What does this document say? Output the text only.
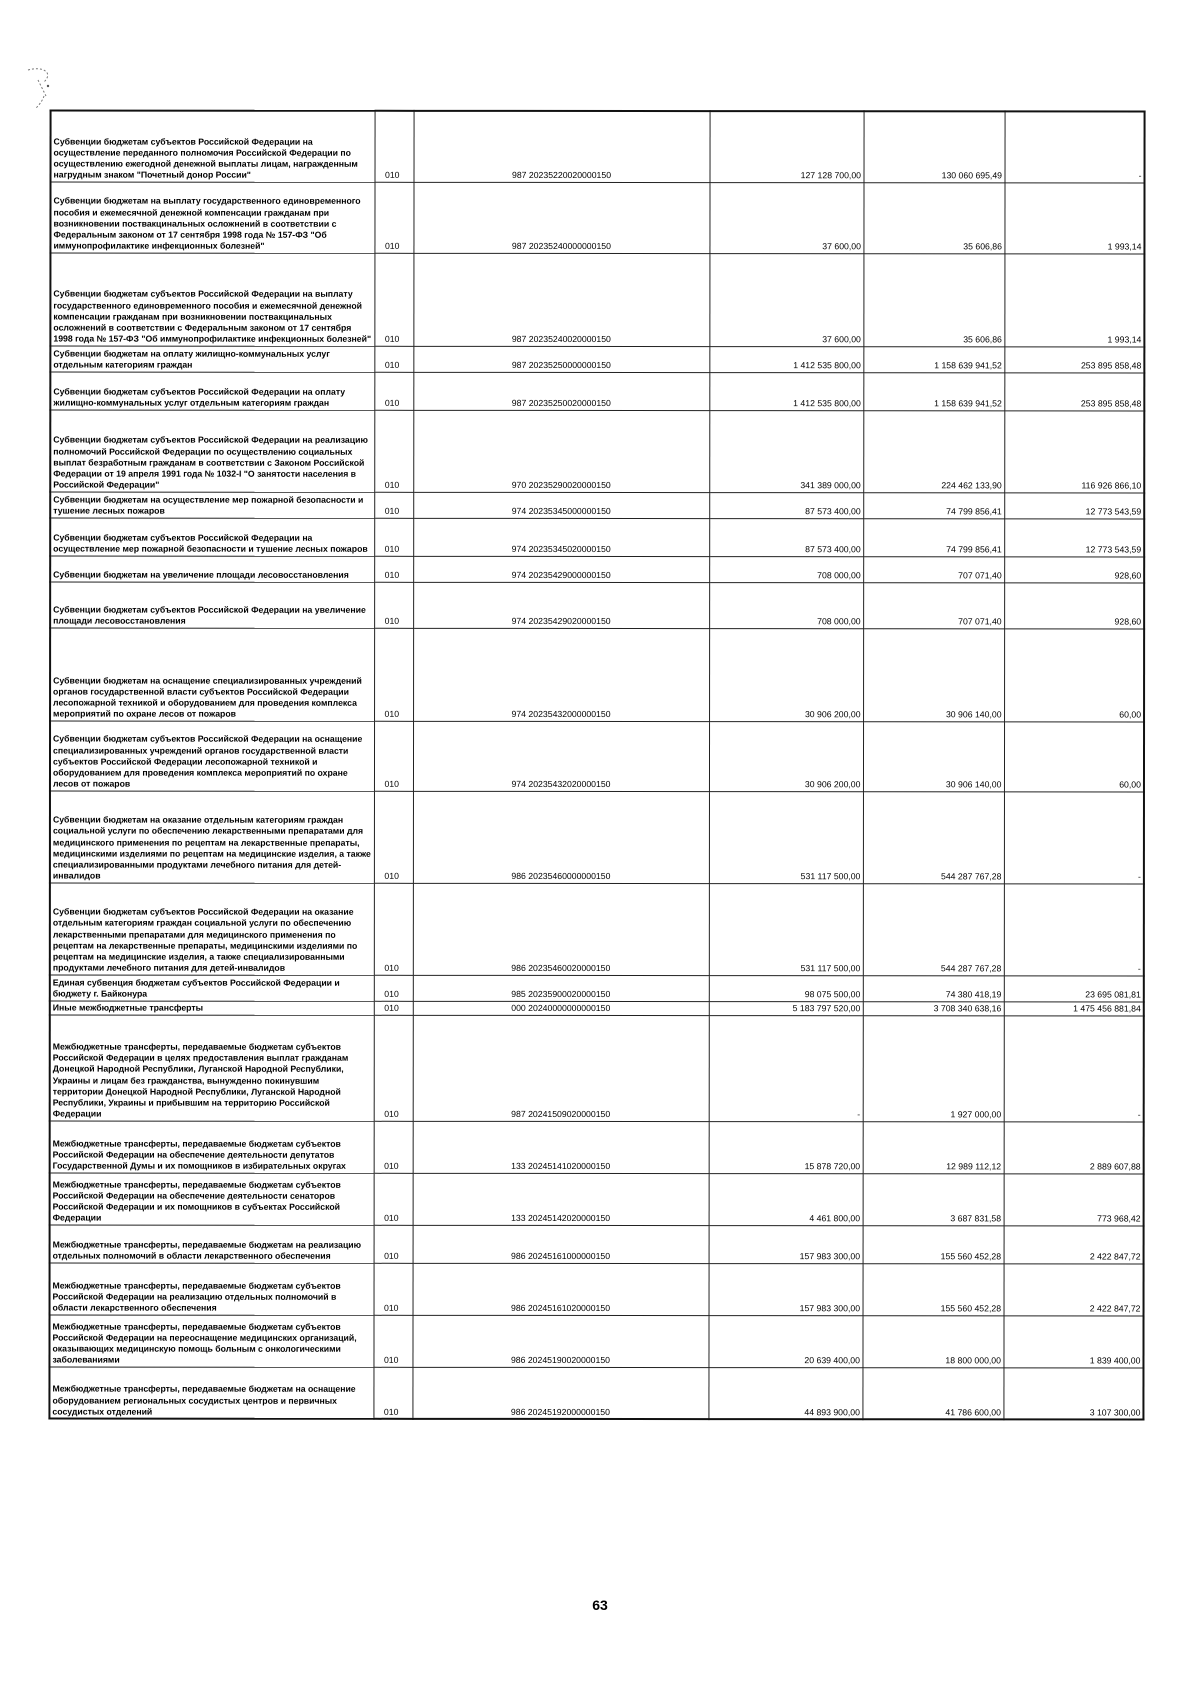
Субвенции бюджетам субъектов Российской Федерации на осуществление переданного полномочия Российской Федерации по осуществлению ежегодной денежной выплаты лицам, награжденным нагрудным знаком "Почетный донор России"	010	987 20235220020000150	127 128 700,00	130 060 695,49	-
Субвенции бюджетам на выплату государственного единовременного пособия и ежемесячной денежной компенсации гражданам при возникновении поствакцинальных осложнений в соответствии с Федеральным законом от 17 сентября 1998 года № 157-ФЗ "Об иммунопрофилактике инфекционных болезней"	010	987 20235240000000150	37 600,00	35 606,86	1 993,14
Субвенции бюджетам субъектов Российской Федерации на выплату государственного единовременного пособия и ежемесячной денежной компенсации гражданам при возникновении поствакцинальных осложнений в соответствии с Федеральным законом от 17 сентября 1998 года № 157-ФЗ "Об иммунопрофилактике инфекционных болезней"	010	987 20235240020000150	37 600,00	35 606,86	1 993,14
Субвенции бюджетам на оплату жилищно-коммунальных услуг отдельным категориям граждан	010	987 20235250000000150	1 412 535 800,00	1 158 639 941,52	253 895 858,48
Субвенции бюджетам субъектов Российской Федерации на оплату жилищно-коммунальных услуг отдельным категориям граждан	010	987 20235250020000150	1 412 535 800,00	1 158 639 941,52	253 895 858,48
Субвенции бюджетам субъектов Российской Федерации на реализацию полномочий Российской Федерации по осуществлению социальных выплат безработным гражданам в соответствии с Законом Российской Федерации от 19 апреля 1991 года № 1032-I "О занятости населения в Российской Федерации"	010	970 20235290020000150	341 389 000,00	224 462 133,90	116 926 866,10
Субвенции бюджетам на осуществление мер пожарной безопасности и тушение лесных пожаров	010	974 20235345000000150	87 573 400,00	74 799 856,41	12 773 543,59
Субвенции бюджетам субъектов Российской Федерации на осуществление мер пожарной безопасности и тушение лесных пожаров	010	974 20235345020000150	87 573 400,00	74 799 856,41	12 773 543,59
Субвенции бюджетам на увеличение площади лесовосстановления	010	974 20235429000000150	708 000,00	707 071,40	928,60
Субвенции бюджетам субъектов Российской Федерации на увеличение площади лесовосстановления	010	974 20235429020000150	708 000,00	707 071,40	928,60
Субвенции бюджетам на оснащение специализированных учреждений органов государственной власти субъектов Российской Федерации лесопожарной техникой и оборудованием для проведения комплекса мероприятий по охране лесов от пожаров	010	974 20235432000000150	30 906 200,00	30 906 140,00	60,00
Субвенции бюджетам субъектов Российской Федерации на оснащение специализированных учреждений органов государственной власти субъектов Российской Федерации лесопожарной техникой и оборудованием для проведения комплекса мероприятий по охране лесов от пожаров	010	974 20235432020000150	30 906 200,00	30 906 140,00	60,00
Субвенции бюджетам на оказание отдельным категориям граждан социальной услуги по обеспечению лекарственными препаратами для медицинского применения по рецептам на лекарственные препараты, медицинскими изделиями по рецептам на медицинские изделия, а также специализированными продуктами лечебного питания для детей-инвалидов	010	986 20235460000000150	531 117 500,00	544 287 767,28	-
Субвенции бюджетам субъектов Российской Федерации на оказание отдельным категориям граждан социальной услуги по обеспечению лекарственными препаратами для медицинского применения по рецептам на лекарственные препараты, медицинскими изделиями по рецептам на медицинские изделия, а также специализированными продуктами лечебного питания для детей-инвалидов	010	986 20235460020000150	531 117 500,00	544 287 767,28	-
Единая субвенция бюджетам субъектов Российской Федерации и бюджету г. Байконура	010	985 20235900020000150	98 075 500,00	74 380 418,19	23 695 081,81
Иные межбюджетные трансферты	010	000 20240000000000150	5 183 797 520,00	3 708 340 638,16	1 475 456 881,84
Межбюджетные трансферты, передаваемые бюджетам субъектов Российской Федерации в целях предоставления выплат гражданам Донецкой Народной Республики, Луганской Народной Республики, Украины и лицам без гражданства, вынужденно покинувшим территории Донецкой Народной Республики, Луганской Народной Республики, Украины и прибывшим на территорию Российской Федерации	010	987 20241509020000150	-	1 927 000,00	-
Межбюджетные трансферты, передаваемые бюджетам субъектов Российской Федерации на обеспечение деятельности депутатов Государственной Думы и их помощников в избирательных округах	010	133 20245141020000150	15 878 720,00	12 989 112,12	2 889 607,88
Межбюджетные трансферты, передаваемые бюджетам субъектов Российской Федерации на обеспечение деятельности сенаторов Российской Федерации и их помощников в субъектах Российской Федерации	010	133 20245142020000150	4 461 800,00	3 687 831,58	773 968,42
Межбюджетные трансферты, передаваемые бюджетам на реализацию отдельных полномочий в области лекарственного обеспечения	010	986 20245161000000150	157 983 300,00	155 560 452,28	2 422 847,72
Межбюджетные трансферты, передаваемые бюджетам субъектов Российской Федерации на реализацию отдельных полномочий в области лекарственного обеспечения	010	986 20245161020000150	157 983 300,00	155 560 452,28	2 422 847,72
Межбюджетные трансферты, передаваемые бюджетам субъектов Российской Федерации на переоснащение медицинских организаций, оказывающих медицинскую помощь больным с онкологическими заболеваниями	010	986 20245190020000150	20 639 400,00	18 800 000,00	1 839 400,00
Межбюджетные трансферты, передаваемые бюджетам на оснащение оборудованием региональных сосудистых центров и первичных сосудистых отделений	010	986 20245192000000150	44 893 900,00	41 786 600,00	3 107 300,00
63
